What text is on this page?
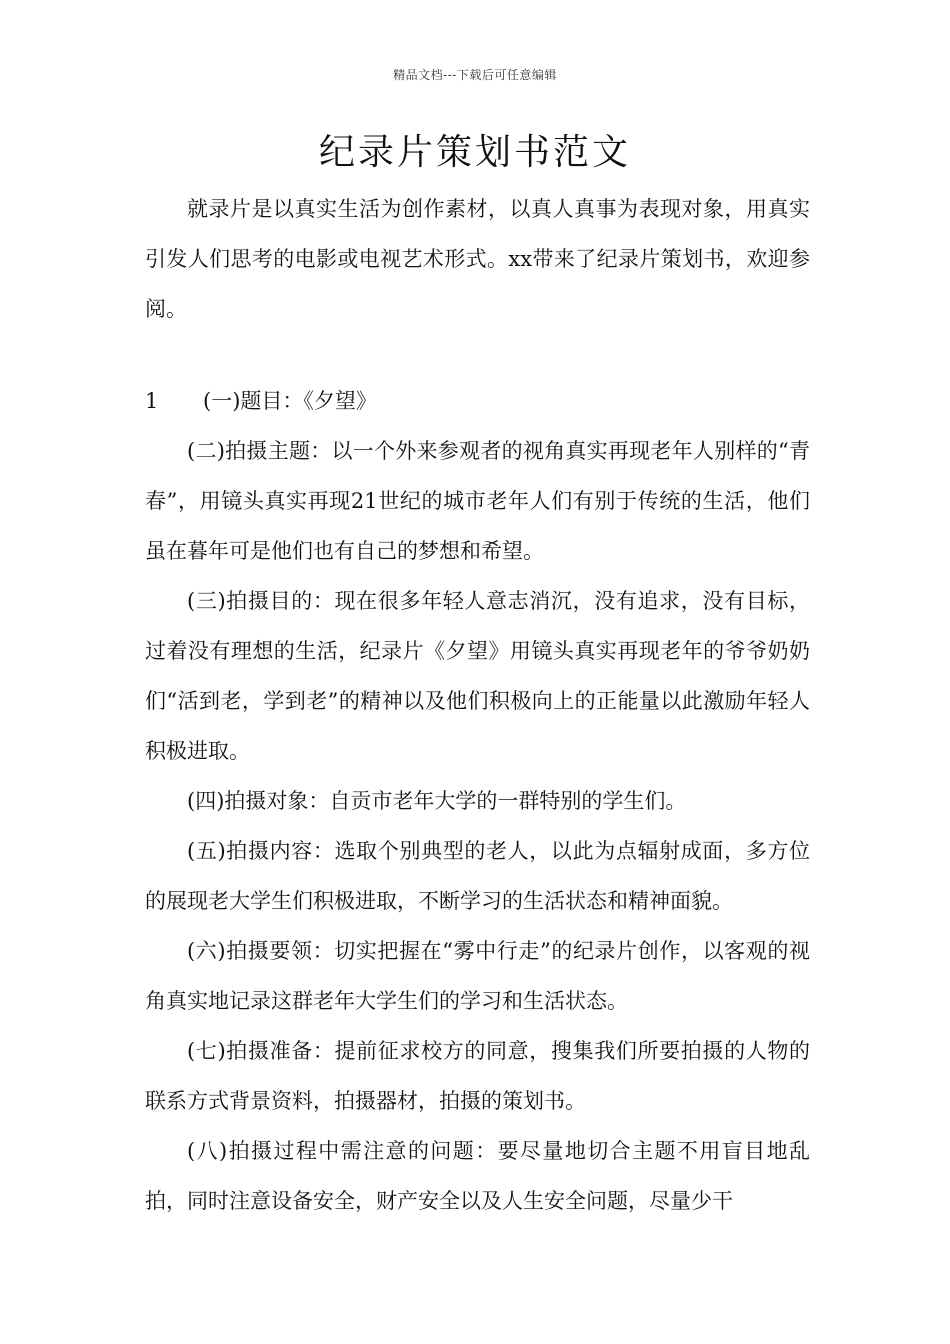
精品文档---下载后可任意编辑
纪录片策划书范文

就录片是以真实生活为创作素材，以真人真事为表现对象，用真实引发人们思考的电影或电视艺术形式。xx带来了纪录片策划书，欢迎参阅。

1	(一)题目：《夕望》

(二)拍摄主题：以一个外来参观者的视角真实再现老年人别样的“青春”，用镜头真实再现21世纪的城市老年人们有别于传统的生活，他们虽在暮年可是他们也有自己的梦想和希望。

(三)拍摄目的：现在很多年轻人意志消沉，没有追求，没有目标，过着没有理想的生活，纪录片《夕望》用镜头真实再现老年的爷爷奶奶们“活到老，学到老”的精神以及他们积极向上的正能量以此激励年轻人积极进取。

(四)拍摄对象：自贡市老年大学的一群特别的学生们。

(五)拍摄内容：选取个别典型的老人，以此为点辐射成面，多方位的展现老大学生们积极进取，不断学习的生活状态和精神面貌。

(六)拍摄要领：切实把握在“雾中行走”的纪录片创作，以客观的视角真实地记录这群老年大学生们的学习和生活状态。

(七)拍摄准备：提前征求校方的同意，搜集我们所要拍摄的人物的联系方式背景资料，拍摄器材，拍摄的策划书。

(八)拍摄过程中需注意的问题：要尽量地切合主题不用盲目地乱拍，同时注意设备安全，财产安全以及人生安全问题，尽量少干
